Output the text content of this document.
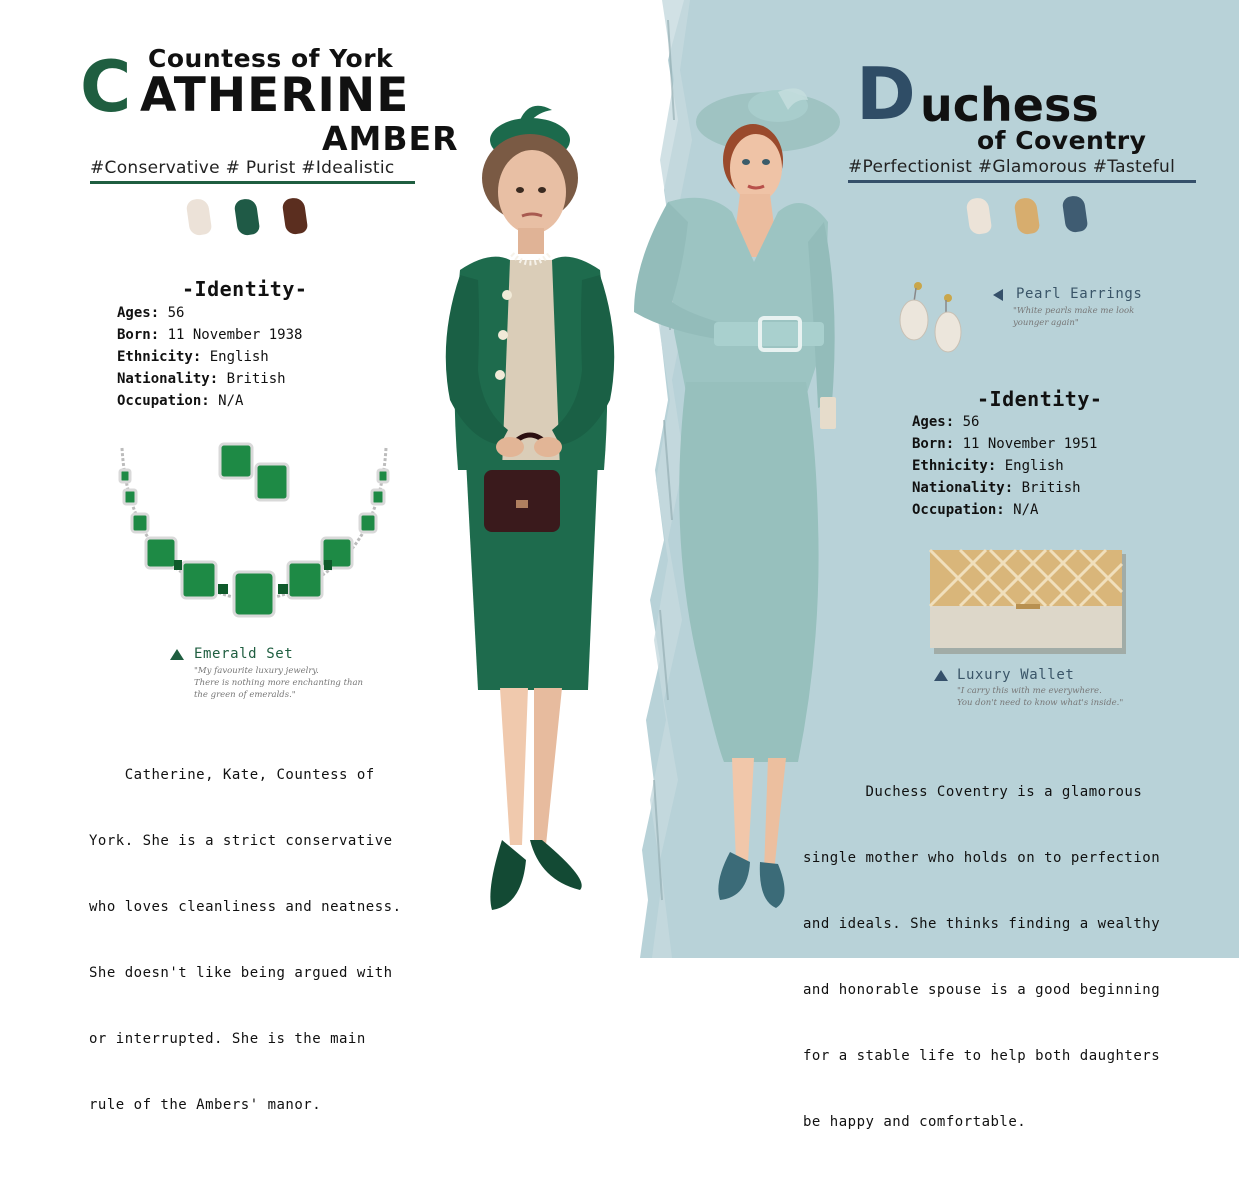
Countess of York
C ATHERINE
AMBER
#Conservative # Purist #Idealistic
-Identity-
Ages: 56
Born: 11 November 1938
Ethnicity: English
Nationality: British
Occupation: N/A
Emerald Set
"My favourite luxury jewelry.
There is nothing more enchanting than
the green of emeralds."

Catherine, Kate, Countess of

York. She is a strict conservative

who loves cleanliness and neatness.

She doesn't like being argued with

or interrupted. She is the main

rule of the Ambers' manor.

D uchess
of Coventry
#Perfectionist #Glamorous #Tasteful
Pearl Earrings
"White pearls make me look
younger again"
-Identity-
Ages: 56
Born: 11 November 1951
Ethnicity: English
Nationality: British
Occupation: N/A
Luxury Wallet
"I carry this with me everywhere.
You don't need to know what's inside."

Duchess Coventry is a glamorous

single mother who holds on to perfection

and ideals. She thinks finding a wealthy

and honorable spouse is a good beginning

for a stable life to help both daughters

be happy and comfortable.
